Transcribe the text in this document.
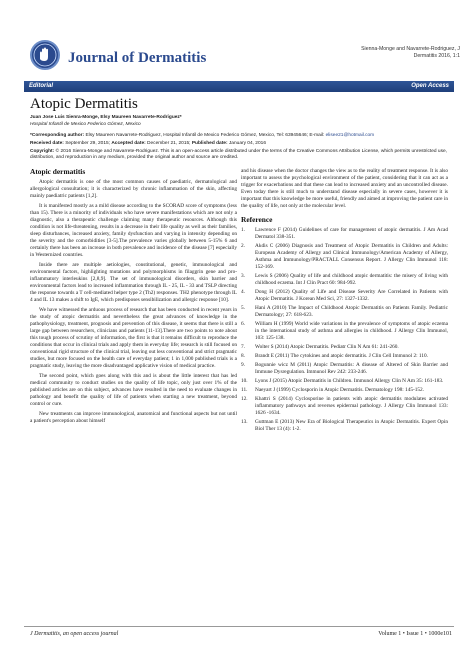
Journal of Dermatitis
Sienna-Monge and Navarrete-Rodriguez, J
Dermatitis 2016, 1:1
Editorial	Open Access
Atopic Dermatitis
Juan Jose Luis Sienra-Monge, Elsy Maureen Navarrete-Rodriguez*
Hospital Infantil de Mexico Federico Gómez, Mexico
*Corresponding author: Elsy Maureen Navarrete-Rodriguez, Hospital Infantil de Mexico Federico Gómez, Mexico, Tel: 63945646; E-mail: elisee21@hotmail.com
Received date: September 29, 2015; Accepted date: December 21, 2015; Published date: January 04, 2016
Copyright: © 2016 Sienra-Monge and Navarrete-Rodriguez. This is an open-access article distributed under the terms of the Creative Commons Attribution License, which permits unrestricted use, distribution, and reproduction in any medium, provided the original author and source are credited.
Atopic dermatitis

Atopic dermatitis is one of the most common causes of paediatric, dermatological and allergological consultation; it is characterized by chronic inflammation of the skin, affecting mainly paediatric patients [1,2].

It is manifested mostly as a mild disease according to the SCORAD score of symptoms (less than 15). There is a minority of individuals who have severe manifestations which are not only a diagnostic, also a therapeutic challenge claiming many therapeutic resources. Although this condition is not life-threatening, results in a decrease in their life quality as well as their families, sleep disturbances, increased anxiety, family dysfunction and varying in intensity depending on the severity and the comorbidities [3-5].The prevalence varies globally between 5-15% 6 and certainly there has been an increase in both prevalence and incidence of the disease [7] especially in Westernized countries.

Inside there are multiple aetiologies, constitutional, genetic, immunological and environmental factors, highlighting mutations and polymorphisms in filaggrin gene and pro-inflammatory interleukins [2,8,9]. The set of immunological disorders, skin barrier and environmental factors lead to increased inflammation through IL - 25, IL - 33 and TSLP directing the response towards a T cell-mediated helper type 2 (Th2) responses. TH2 phenotype through IL 4 and IL 13 makes a shift to IgE, which predisposes sensibilization and allergic response [10].

We have witnessed the arduous process of research that has been conducted in recent years in the study of atopic dermatitis and nevertheless the great advances of knowledge in the pathophysiology, treatment, prognosis and prevention of this disease, it seems that there is still a large gap between researchers, clinicians and patients [11-13].There are two points to note about this tough process of scrutiny of information, the first is that it remains difficult to reproduce the conditions that occur in clinical trials and apply them in everyday life; research is still focused on conventional rigid structure of the clinical trial, leaving out less conventional and strict pragmatic studies, but more focused on the health care of everyday patient; 1 in 1,000 published trials is a pragmatic study, leaving the more disadvantaged applicative vision of medical practice.

The second point, which goes along with this and is about the little interest that has led medical community to conduct studies on the quality of life topic, only just over 1% of the published articles are on this subject, advances have resulted in the need to evaluate changes in pathology and benefit the quality of life of patients when starting a new treatment, beyond control or cure.

New treatments can improve immunological, anatomical and functional aspects but not until a patient's perception about himself

and his disease when the doctor changes the view as to the reality of treatment response. It is also important to assess the psychological environment of the patient, considering that it can act as a trigger for exacerbations and that these can lead to increased anxiety and an uncontrolled disease. Even today there is still much to understand disease especially in severe cases, however it is important that this knowledge be more useful, friendly and aimed at improving the patient care in the quality of life, not only at the molecular level.

Reference
1. Lawrence F (2014) Guidelines of care for management of atopic dermatitis. J Am Acad Dermatol 338-351.
2. Akdis C (2006) Diagnosis and Treatment of Atopic Dermatitis in Children and Adults: European Academy of Allergy and Clinical Immunology/American Academy of Allergy, Asthma and Immunology/PRACTALL Consensus Report. J Allergy Clin Immunol 118: 152-169.
3. Lewis S (2006) Quality of life and childhood atopic dermatitis: the misery of living with childhood eczema. Int J Clin Pract 60: 984-992.
4. Dong H (2012) Quality of Life and Disease Severity Are Correlated in Patients with Atopic Dermatitis. J Korean Med Sci, 27: 1327-1332.
5. Hani A (2010) The Impact of Childhood Atopic Dermatitis on Patients Family. Pediatric Dermatology; 27: 618-623.
6. William H (1999) World wide variations in the prevalence of symptoms of atopic eczema in the international study of asthma and allergies in childhood. J Allergy Clin Immunol, 103: 125-138.
7. Wolter S (2014) Atopic Dermatitis. Pediatr Clin N Am 61: 241-260.
8. Brandt E (2011) The cytokines and atopic dermatitis. J Clin Cell Immunol 2: 110.
9. Bogunnie wicz M (2011) Atopic Dermatitis: A disease of Altered of Skin Barrier and Immune Dysregulation. Immunol Rev 242: 233-246.
10. Lyons J (2015) Atopic Dermatitis in Children. Immunol Allergy Clin N Am 35: 161-183.
11. Naeyart J (1999) Cyclosporin in Atopic Dermatitis. Dermatology 198: 145-152.
12. Khattri S (2014) Cyclosporine in patients with atopic dermatitis modulates activated inflammatory pathways and reverses epidermal pathology. J Allergy Clin Immunol 133: 1626 -1634.
13. Guttman E (2013) New Era of Biological Therapeutics in Atopic Dermatitis. Expert Opin Biol Ther 13 (4): 1-2.
J Dermatitis, an open access journal	Volume 1 • Issue 1 • 1000e101
